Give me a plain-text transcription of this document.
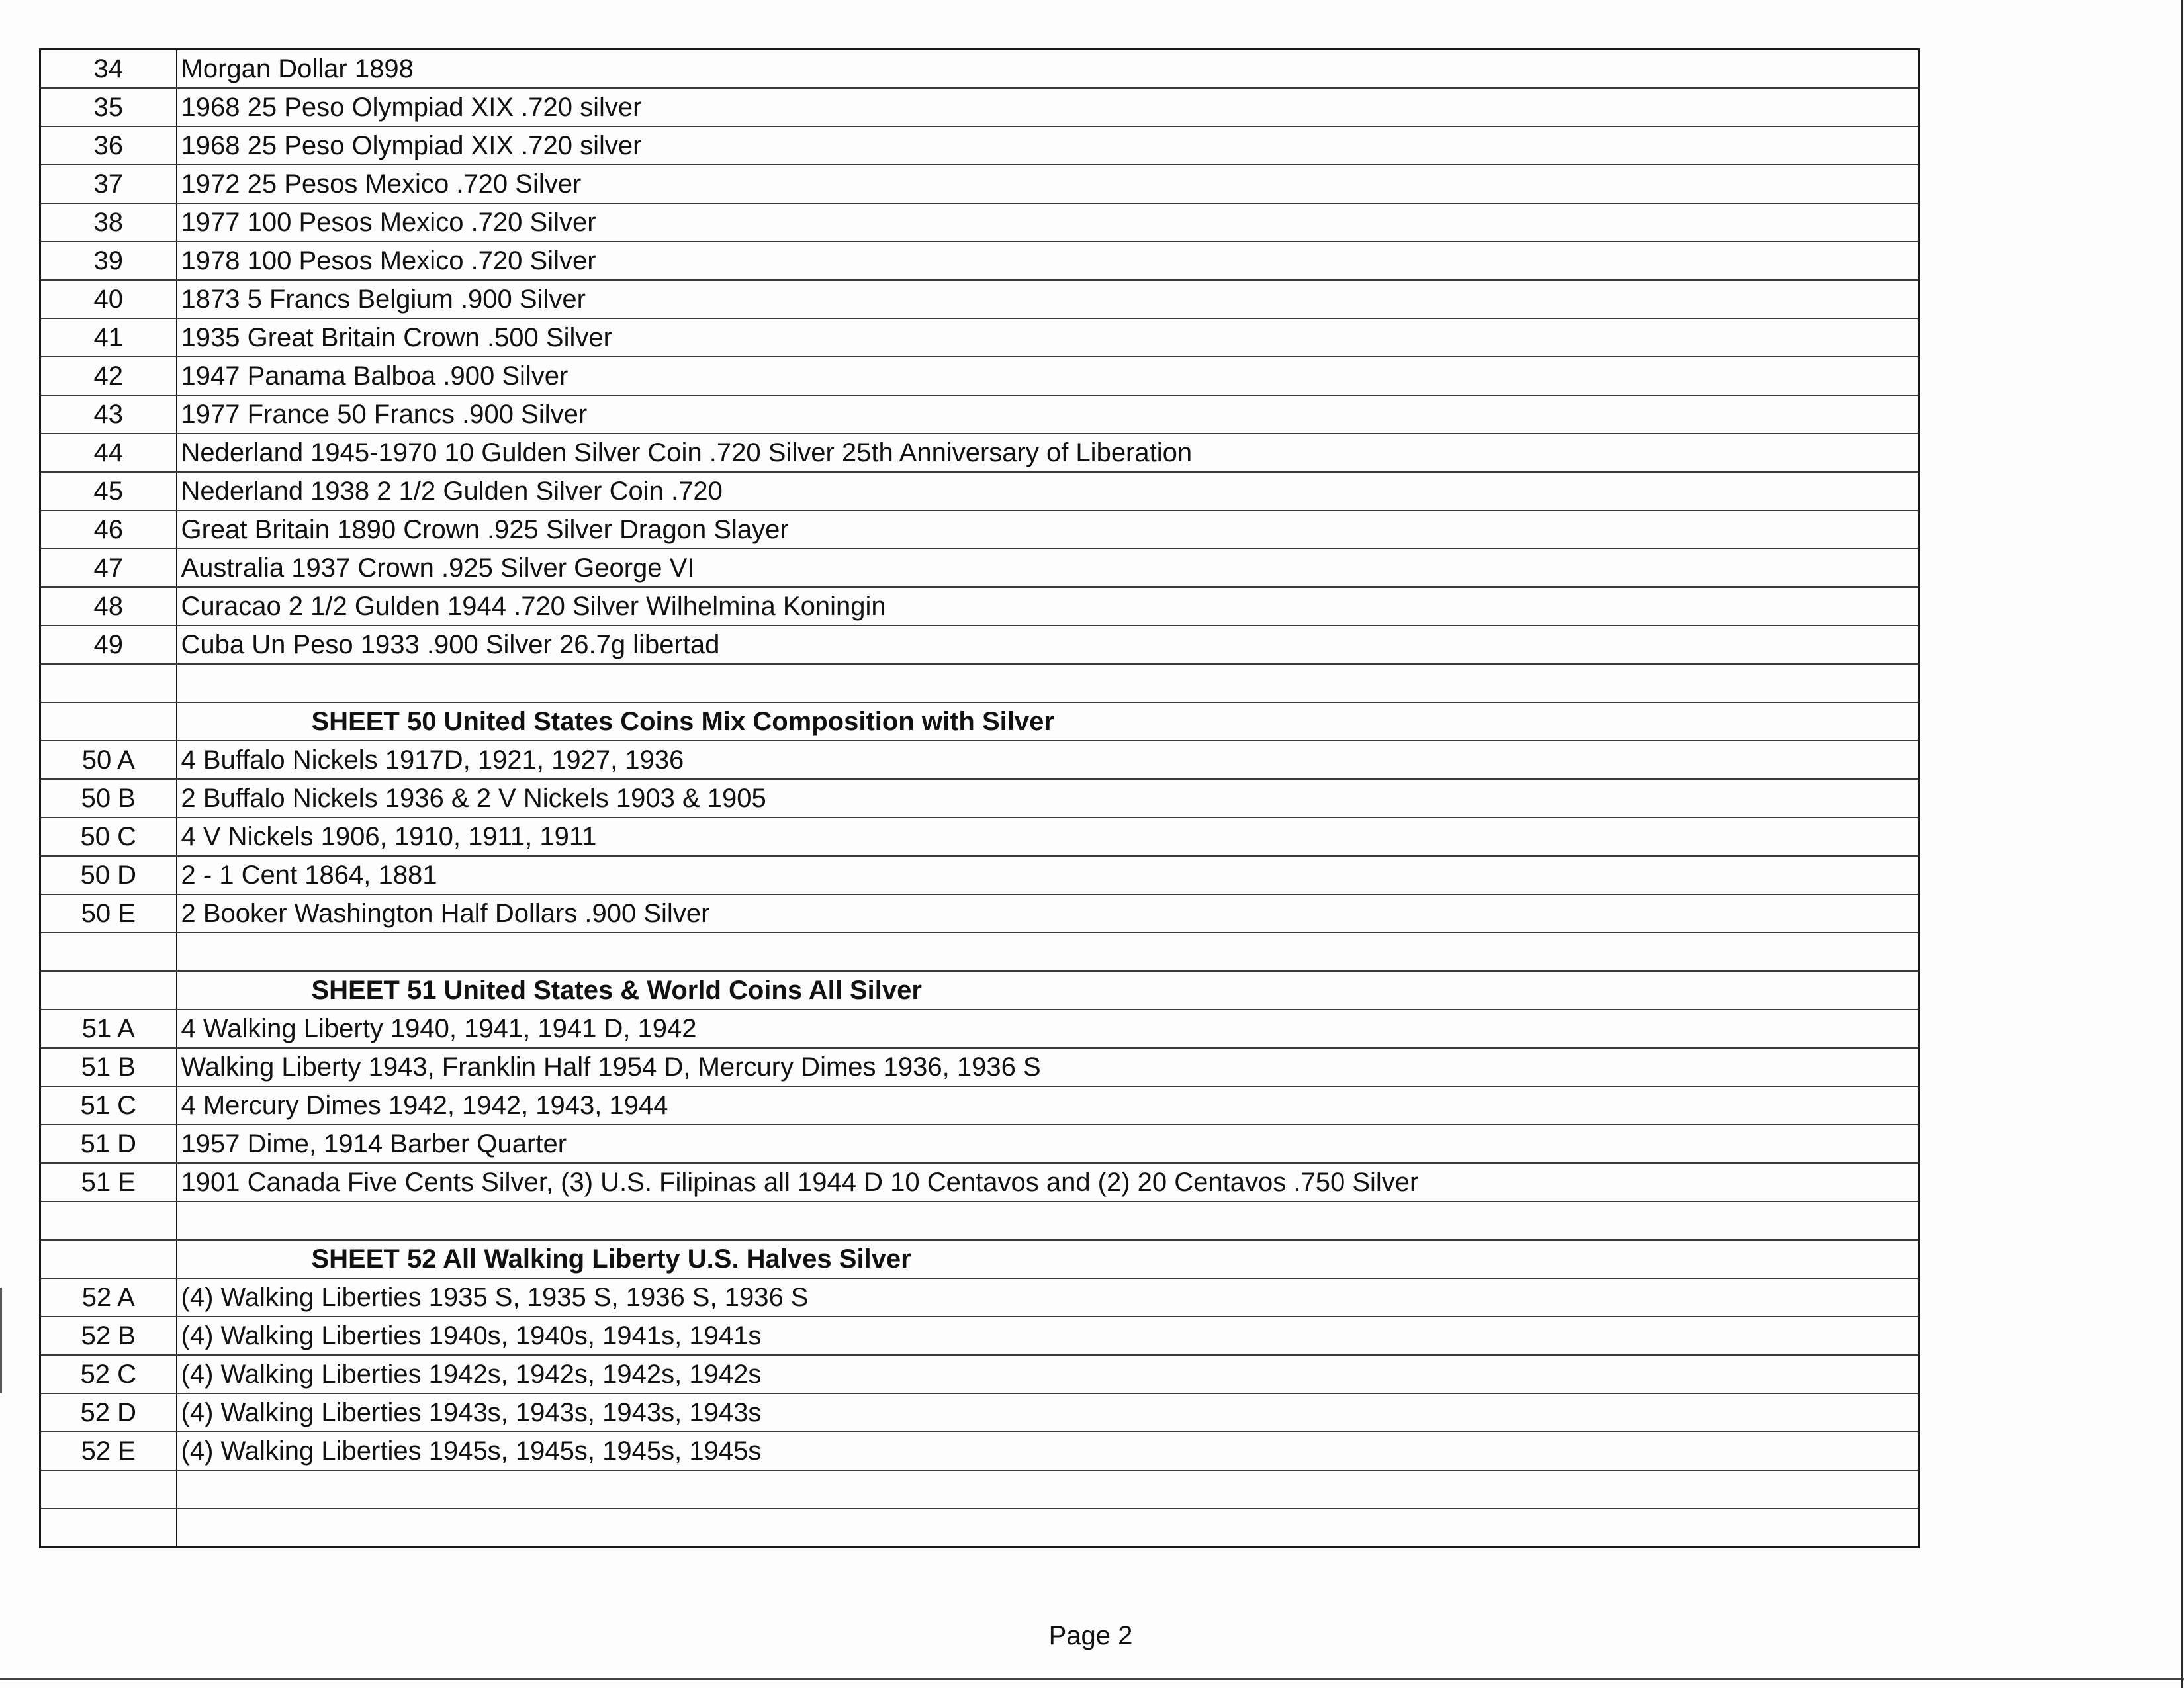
34	Morgan Dollar 1898
35	1968 25 Peso Olympiad XIX .720 silver
36	1968 25 Peso Olympiad XIX .720 silver
37	1972 25 Pesos Mexico .720 Silver
38	1977 100 Pesos Mexico .720 Silver
39	1978 100 Pesos Mexico .720 Silver
40	1873 5 Francs Belgium .900 Silver
41	1935 Great Britain Crown .500 Silver
42	1947 Panama Balboa .900 Silver
43	1977 France 50 Francs .900 Silver
44	Nederland 1945-1970 10 Gulden Silver Coin .720 Silver 25th Anniversary of Liberation
45	Nederland 1938 2 1/2 Gulden Silver Coin .720
46	Great Britain 1890 Crown .925 Silver Dragon Slayer
47	Australia 1937 Crown .925 Silver George VI
48	Curacao 2 1/2 Gulden 1944 .720 Silver Wilhelmina Koningin
49	Cuba Un Peso 1933 .900 Silver 26.7g libertad

	SHEET 50 United States Coins Mix Composition with Silver
50 A	4 Buffalo Nickels 1917D, 1921, 1927, 1936
50 B	2 Buffalo Nickels 1936 & 2 V Nickels 1903 & 1905
50 C	4 V Nickels 1906, 1910, 1911, 1911
50 D	2 - 1 Cent 1864, 1881
50 E	2 Booker Washington Half Dollars .900 Silver

	SHEET 51 United States & World Coins All Silver
51 A	4 Walking Liberty 1940, 1941, 1941 D, 1942
51 B	Walking Liberty 1943, Franklin Half 1954 D, Mercury Dimes 1936, 1936 S
51 C	4 Mercury Dimes 1942, 1942, 1943, 1944
51 D	1957 Dime, 1914 Barber Quarter
51 E	1901 Canada Five Cents Silver, (3) U.S. Filipinas all 1944 D 10 Centavos and (2) 20 Centavos .750 Silver

	SHEET 52 All Walking Liberty U.S. Halves Silver
52 A	(4) Walking Liberties 1935 S, 1935 S, 1936 S, 1936 S
52 B	(4) Walking Liberties 1940s, 1940s, 1941s, 1941s
52 C	(4) Walking Liberties 1942s, 1942s, 1942s, 1942s
52 D	(4) Walking Liberties 1943s, 1943s, 1943s, 1943s
52 E	(4) Walking Liberties 1945s, 1945s, 1945s, 1945s

Page 2
